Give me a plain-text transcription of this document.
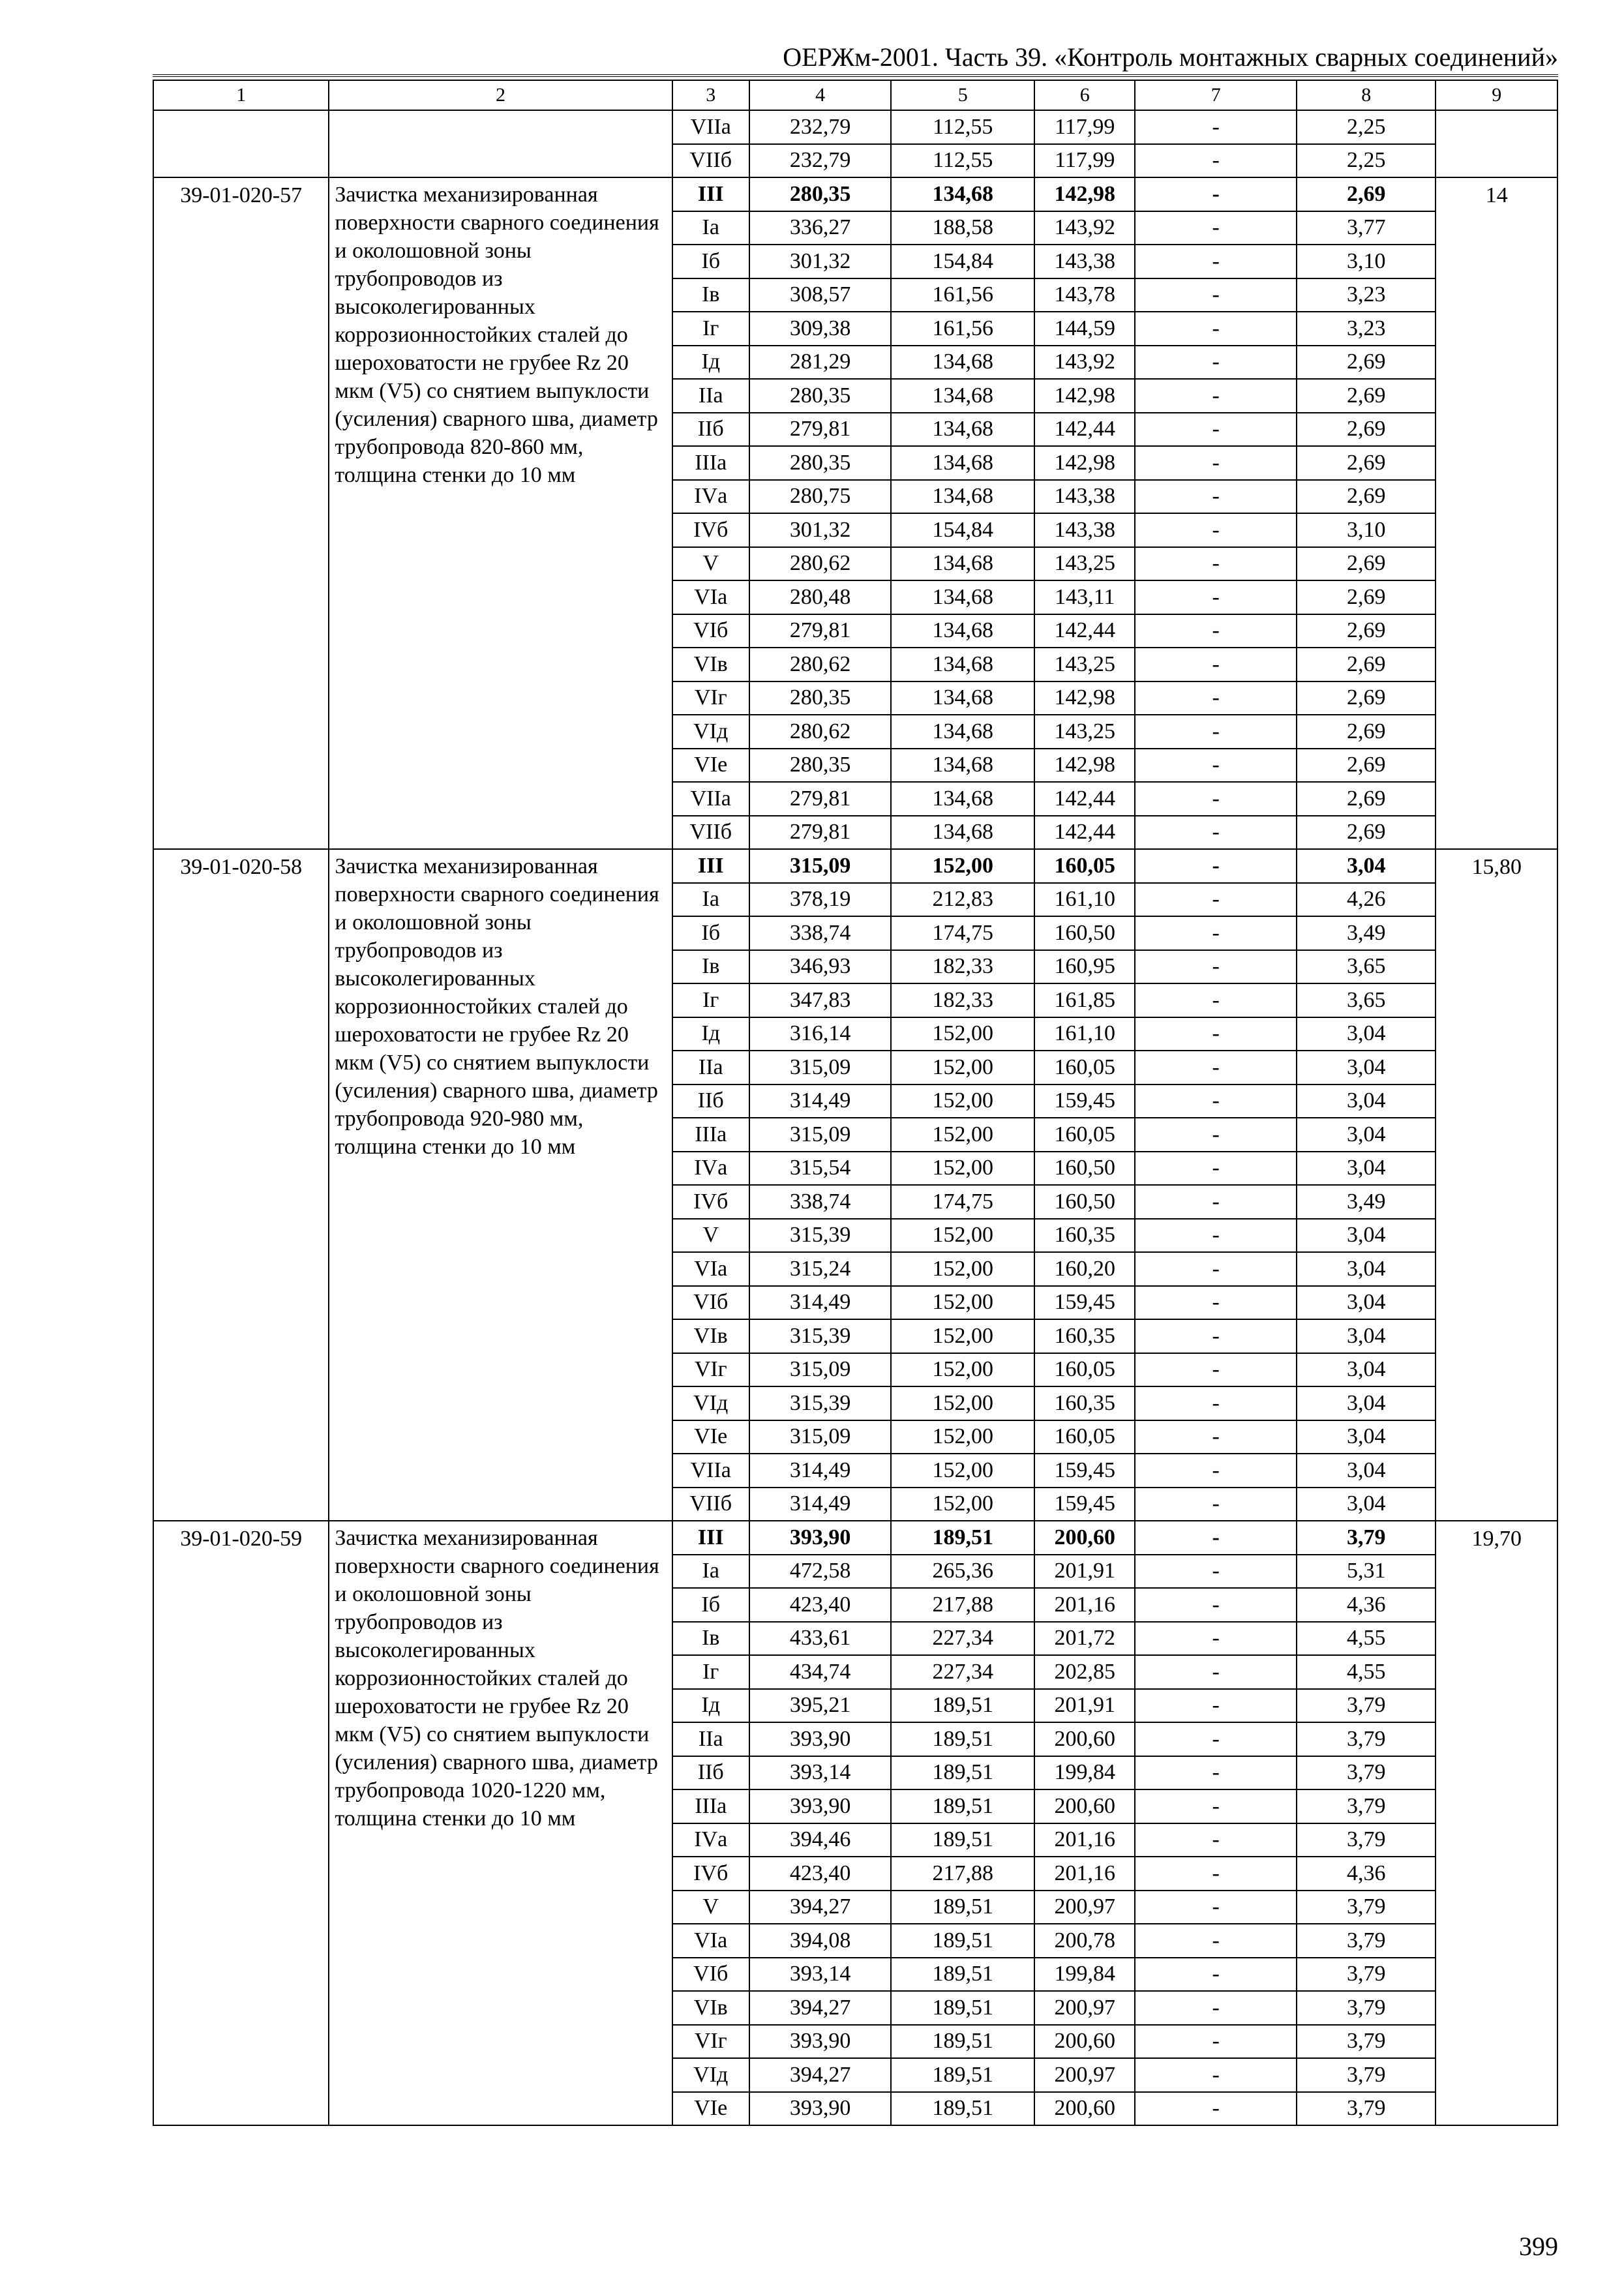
ОЕРЖм-2001. Часть 39. «Контроль монтажных сварных соединений»
1	2	3	4	5	6	7	8	9
		VIIа	232,79	112,55	117,99	-	2,25	
		VIIб	232,79	112,55	117,99	-	2,25	
39-01-020-57	Зачистка механизированная поверхности сварного соединения и околошовной зоны трубопроводов из высоколегированных коррозионностойких сталей до шероховатости не грубее Rz 20 мкм (V5) со снятием выпуклости (усиления) сварного шва, диаметр трубопровода 820-860 мм, толщина стенки до 10 мм	III	280,35	134,68	142,98	-	2,69	14
		Iа	336,27	188,58	143,92	-	3,77	
		Iб	301,32	154,84	143,38	-	3,10	
		Iв	308,57	161,56	143,78	-	3,23	
		Iг	309,38	161,56	144,59	-	3,23	
		Iд	281,29	134,68	143,92	-	2,69	
		IIа	280,35	134,68	142,98	-	2,69	
		IIб	279,81	134,68	142,44	-	2,69	
		IIIа	280,35	134,68	142,98	-	2,69	
		IVа	280,75	134,68	143,38	-	2,69	
		IVб	301,32	154,84	143,38	-	3,10	
		V	280,62	134,68	143,25	-	2,69	
		VIа	280,48	134,68	143,11	-	2,69	
		VIб	279,81	134,68	142,44	-	2,69	
		VIв	280,62	134,68	143,25	-	2,69	
		VIг	280,35	134,68	142,98	-	2,69	
		VIд	280,62	134,68	143,25	-	2,69	
		VIе	280,35	134,68	142,98	-	2,69	
		VIIа	279,81	134,68	142,44	-	2,69	
		VIIб	279,81	134,68	142,44	-	2,69	
39-01-020-58	Зачистка механизированная поверхности сварного соединения и околошовной зоны трубопроводов из высоколегированных коррозионностойких сталей до шероховатости не грубее Rz 20 мкм (V5) со снятием выпуклости (усиления) сварного шва, диаметр трубопровода 920-980 мм, толщина стенки до 10 мм	III	315,09	152,00	160,05	-	3,04	15,80
		Iа	378,19	212,83	161,10	-	4,26	
		Iб	338,74	174,75	160,50	-	3,49	
		Iв	346,93	182,33	160,95	-	3,65	
		Iг	347,83	182,33	161,85	-	3,65	
		Iд	316,14	152,00	161,10	-	3,04	
		IIа	315,09	152,00	160,05	-	3,04	
		IIб	314,49	152,00	159,45	-	3,04	
		IIIа	315,09	152,00	160,05	-	3,04	
		IVа	315,54	152,00	160,50	-	3,04	
		IVб	338,74	174,75	160,50	-	3,49	
		V	315,39	152,00	160,35	-	3,04	
		VIа	315,24	152,00	160,20	-	3,04	
		VIб	314,49	152,00	159,45	-	3,04	
		VIв	315,39	152,00	160,35	-	3,04	
		VIг	315,09	152,00	160,05	-	3,04	
		VIд	315,39	152,00	160,35	-	3,04	
		VIе	315,09	152,00	160,05	-	3,04	
		VIIа	314,49	152,00	159,45	-	3,04	
		VIIб	314,49	152,00	159,45	-	3,04	
39-01-020-59	Зачистка механизированная поверхности сварного соединения и околошовной зоны трубопроводов из высоколегированных коррозионностойких сталей до шероховатости не грубее Rz 20 мкм (V5) со снятием выпуклости (усиления) сварного шва, диаметр трубопровода 1020-1220 мм, толщина стенки до 10 мм	III	393,90	189,51	200,60	-	3,79	19,70
		Iа	472,58	265,36	201,91	-	5,31	
		Iб	423,40	217,88	201,16	-	4,36	
		Iв	433,61	227,34	201,72	-	4,55	
		Iг	434,74	227,34	202,85	-	4,55	
		Iд	395,21	189,51	201,91	-	3,79	
		IIа	393,90	189,51	200,60	-	3,79	
		IIб	393,14	189,51	199,84	-	3,79	
		IIIа	393,90	189,51	200,60	-	3,79	
		IVа	394,46	189,51	201,16	-	3,79	
		IVб	423,40	217,88	201,16	-	4,36	
		V	394,27	189,51	200,97	-	3,79	
		VIа	394,08	189,51	200,78	-	3,79	
		VIб	393,14	189,51	199,84	-	3,79	
		VIв	394,27	189,51	200,97	-	3,79	
		VIг	393,90	189,51	200,60	-	3,79	
		VIд	394,27	189,51	200,97	-	3,79	
		VIе	393,90	189,51	200,60	-	3,79	
399
